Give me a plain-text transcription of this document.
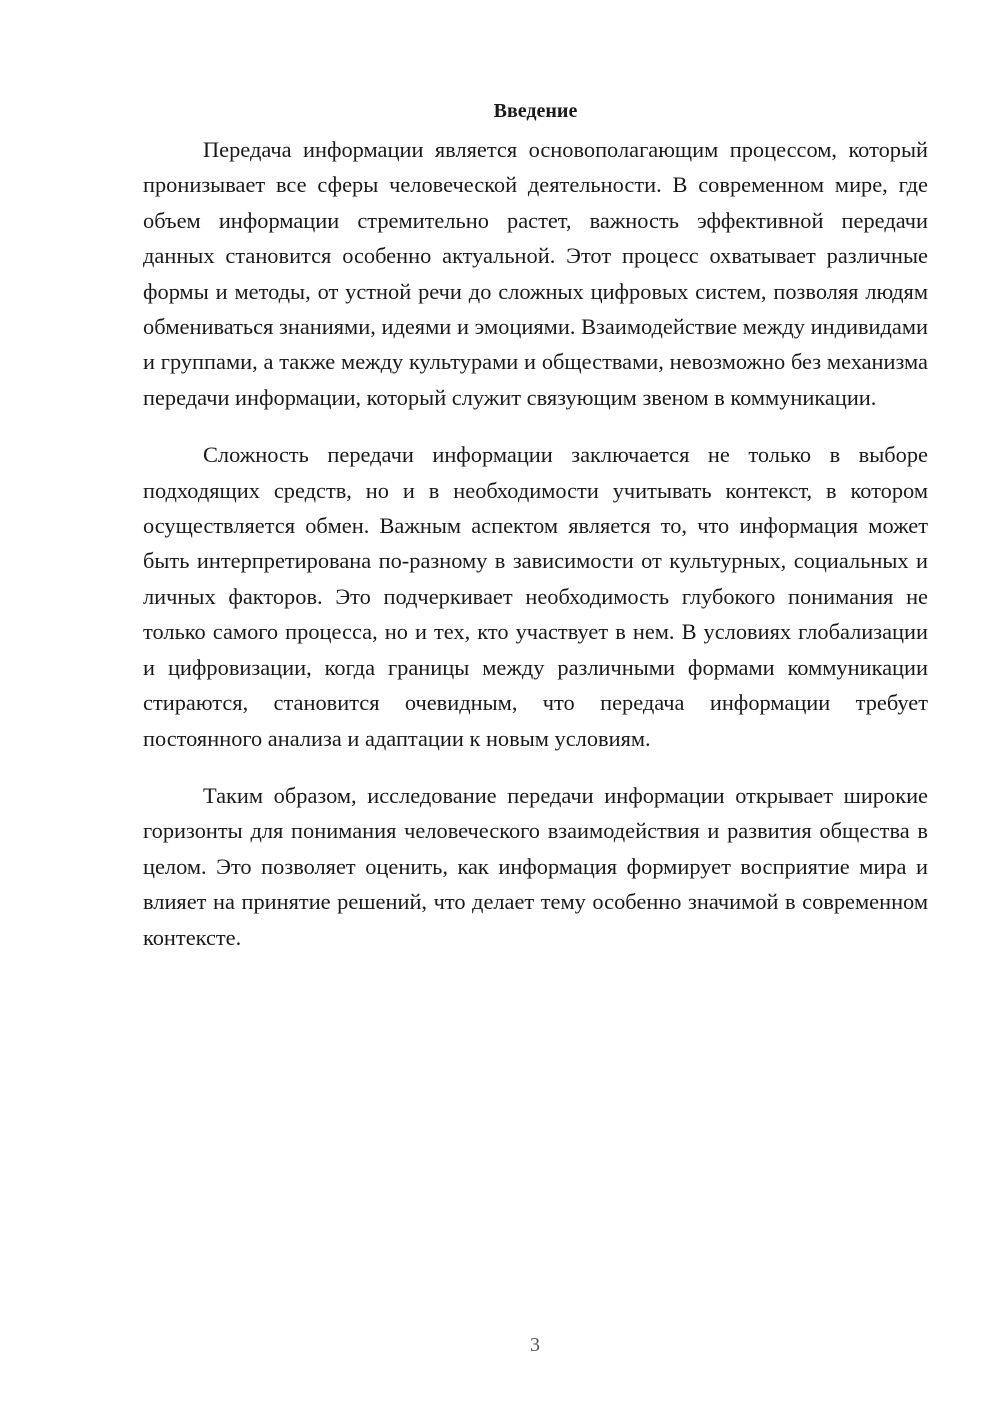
Введение

Передача информации является основополагающим процессом, который пронизывает все сферы человеческой деятельности. В современном мире, где объем информации стремительно растет, важность эффективной передачи данных становится особенно актуальной. Этот процесс охватывает различные формы и методы, от устной речи до сложных цифровых систем, позволяя людям обмениваться знаниями, идеями и эмоциями. Взаимодействие между индивидами и группами, а также между культурами и обществами, невозможно без механизма передачи информации, который служит связующим звеном в коммуникации.

Сложность передачи информации заключается не только в выборе подходящих средств, но и в необходимости учитывать контекст, в котором осуществляется обмен. Важным аспектом является то, что информация может быть интерпретирована по-разному в зависимости от культурных, социальных и личных факторов. Это подчеркивает необходимость глубокого понимания не только самого процесса, но и тех, кто участвует в нем. В условиях глобализации и цифровизации, когда границы между различными формами коммуникации стираются, становится очевидным, что передача информации требует постоянного анализа и адаптации к новым условиям.

Таким образом, исследование передачи информации открывает широкие горизонты для понимания человеческого взаимодействия и развития общества в целом. Это позволяет оценить, как информация формирует восприятие мира и влияет на принятие решений, что делает тему особенно значимой в современном контексте.

3
